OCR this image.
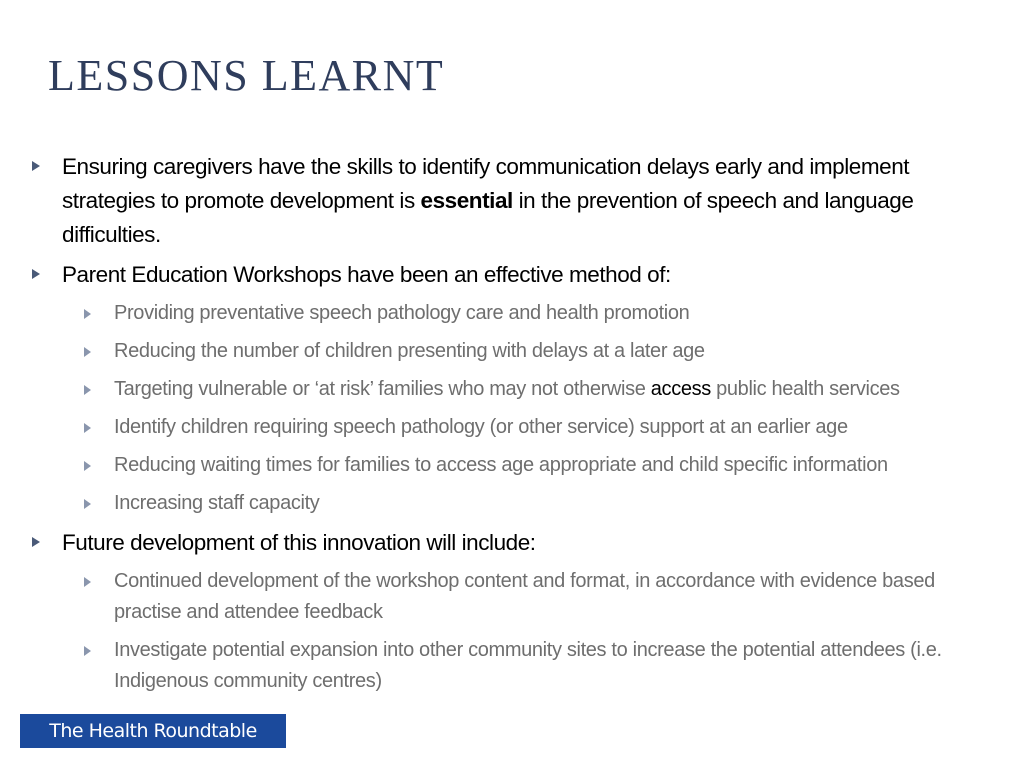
LESSONS LEARNT
Ensuring caregivers have the skills to identify communication delays early and implement strategies to promote development is essential in the prevention of speech and language difficulties.
Parent Education Workshops have been an effective method of:
Providing preventative speech pathology care and health promotion
Reducing the number of children presenting with delays at a later age
Targeting vulnerable or ‘at risk’ families who may not otherwise access public health services
Identify children requiring speech pathology (or other service) support at an earlier age
Reducing waiting times for families to access age appropriate and child specific information
Increasing staff capacity
Future development of this innovation will include:
Continued development of the workshop content and format, in accordance with evidence based practise and attendee feedback
Investigate potential expansion into other community sites to increase the potential attendees (i.e. Indigenous community centres)
The Health Roundtable
